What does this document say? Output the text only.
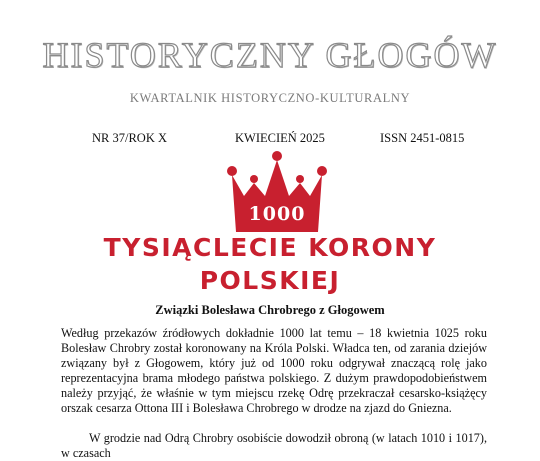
HISTORYCZNY GŁOGÓW
KWARTALNIK HISTORYCZNO-KULTURALNY
NR 37/ROK X	KWIECIEŃ 2025	ISSN 2451-0815
1000
TYSIĄCLECIE KORONY
POLSKIEJ
Związki Bolesława Chrobrego z Głogowem

Według przekazów źródłowych dokładnie 1000 lat temu – 18 kwietnia 1025 roku Bolesław Chrobry został koronowany na Króla Polski. Władca ten, od zarania dziejów związany był z Głogowem, który już od 1000 roku odgrywał znaczącą rolę jako reprezentacyjna brama młodego państwa polskiego. Z dużym prawdopodobieństwem należy przyjąć, że właśnie w tym miejscu rzekę Odrę przekraczał cesarsko-książęcy orszak cesarza Ottona III i Bolesława Chrobrego w drodze na zjazd do Gniezna.

W grodzie nad Odrą Chrobry osobiście dowodził obroną (w latach 1010 i 1017), w czasach
